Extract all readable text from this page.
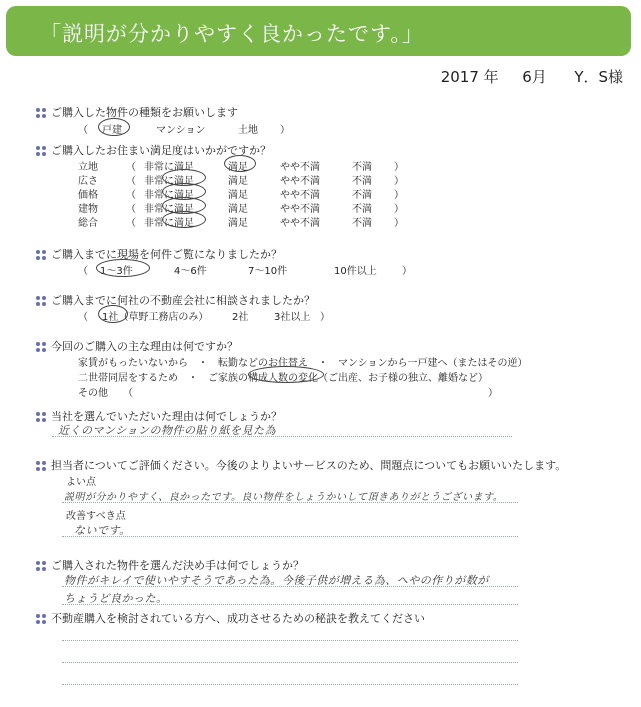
「説明が分かりやすく良かったです。」
2017 年 6月 Y．S様
ご購入した物件の種類をお願いします
（ 戸建	マンション	土地 ）
ご購入したお住まい満足度はいかがですか？
立地	（ 非常に満足	満足	やや不満	不満 ）
広さ	（ 非常に満足	満足	やや不満	不満 ）
価格	（ 非常に満足	満足	やや不満	不満 ）
建物	（ 非常に満足	満足	やや不満	不満 ）
総合	（ 非常に満足	満足	やや不満	不満 ）
ご購入までに現場を何件ご覧になりましたか？
（ 1～3件	4～6件	7～10件	10件以上	）
ご購入までに何社の不動産会社に相談されましたか？
（ 1社（草野工務店のみ） 2社	3社以上 ）
今回のご購入の主な理由は何ですか？
家賃がもったいないから　・　転勤などのお住替え　・　マンションから一戸建へ（またはその逆）
二世帯同居をするため　・　ご家族の構成人数の変化（ご出産、お子様の独立、離婚など）
その他　　（	）
当社を選んでいただいた理由は何でしょうか？
近くのマンションの物件の貼り紙を見た為
担当者についてご評価ください。今後のよりよいサービスのため、問題点についてもお願いいたします。
よい点
説明が分かりやすく、良かったです。良い物件をしょうかいして頂きありがとうございます。
改善すべき点
ないです。
ご購入された物件を選んだ決め手は何でしょうか？
物件がキレイで使いやすそうであった為。今後子供が増える為、へやの作りが数が
ちょうど良かった。
不動産購入を検討されている方へ、成功させるための秘訣を教えてください
